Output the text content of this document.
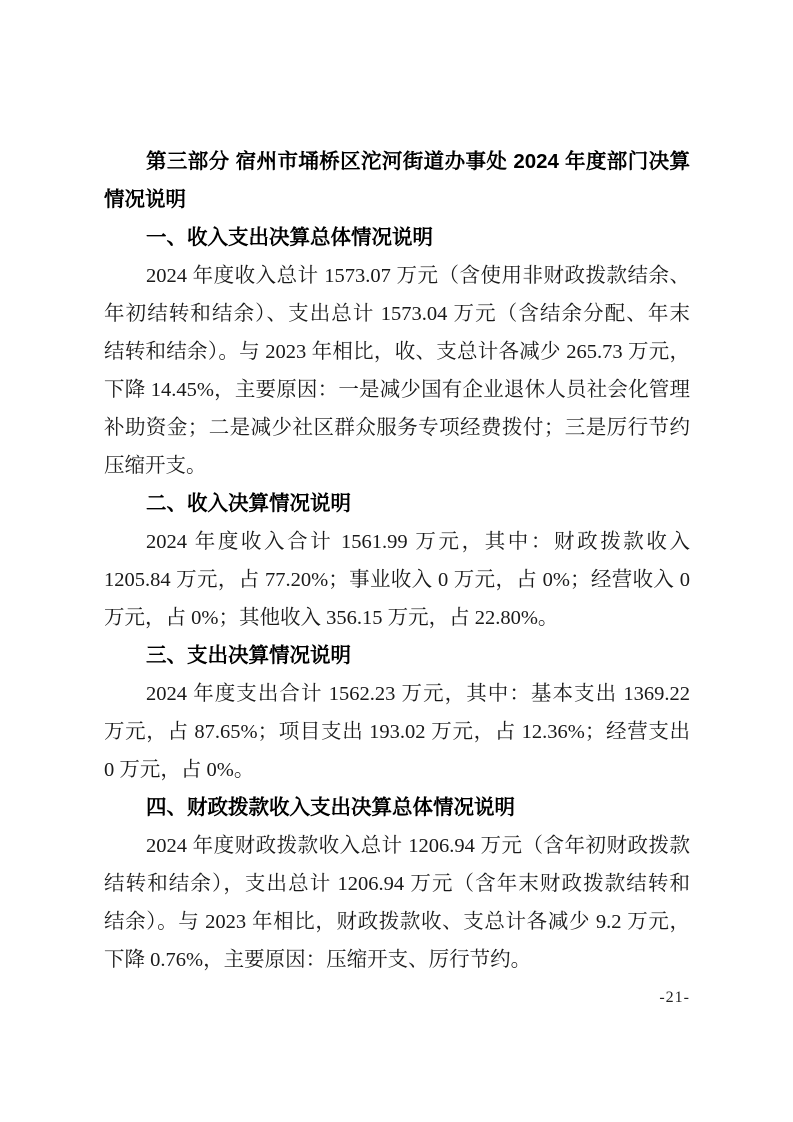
第三部分 宿州市埇桥区沱河街道办事处 2024 年度部门决算
情况说明
一、收入支出决算总体情况说明
2024 年度收入总计 1573.07 万元（含使用非财政拨款结余、
年初结转和结余）、支出总计 1573.04 万元（含结余分配、年末
结转和结余）。与 2023 年相比，收、支总计各减少 265.73 万元，
下降 14.45%，主要原因：一是减少国有企业退休人员社会化管理
补助资金；二是减少社区群众服务专项经费拨付；三是厉行节约
压缩开支。
二、收入决算情况说明
2024 年度收入合计 1561.99 万元，其中：财政拨款收入
1205.84 万元，占 77.20%；事业收入 0 万元，占 0%；经营收入 0
万元，占 0%；其他收入 356.15 万元，占 22.80%。
三、支出决算情况说明
2024 年度支出合计 1562.23 万元，其中：基本支出 1369.22
万元，占 87.65%；项目支出 193.02 万元，占 12.36%；经营支出
0 万元，占 0%。
四、财政拨款收入支出决算总体情况说明
2024 年度财政拨款收入总计 1206.94 万元（含年初财政拨款
结转和结余），支出总计 1206.94 万元（含年末财政拨款结转和
结余）。与 2023 年相比，财政拨款收、支总计各减少 9.2 万元，
下降 0.76%，主要原因：压缩开支、厉行节约。
-21-
